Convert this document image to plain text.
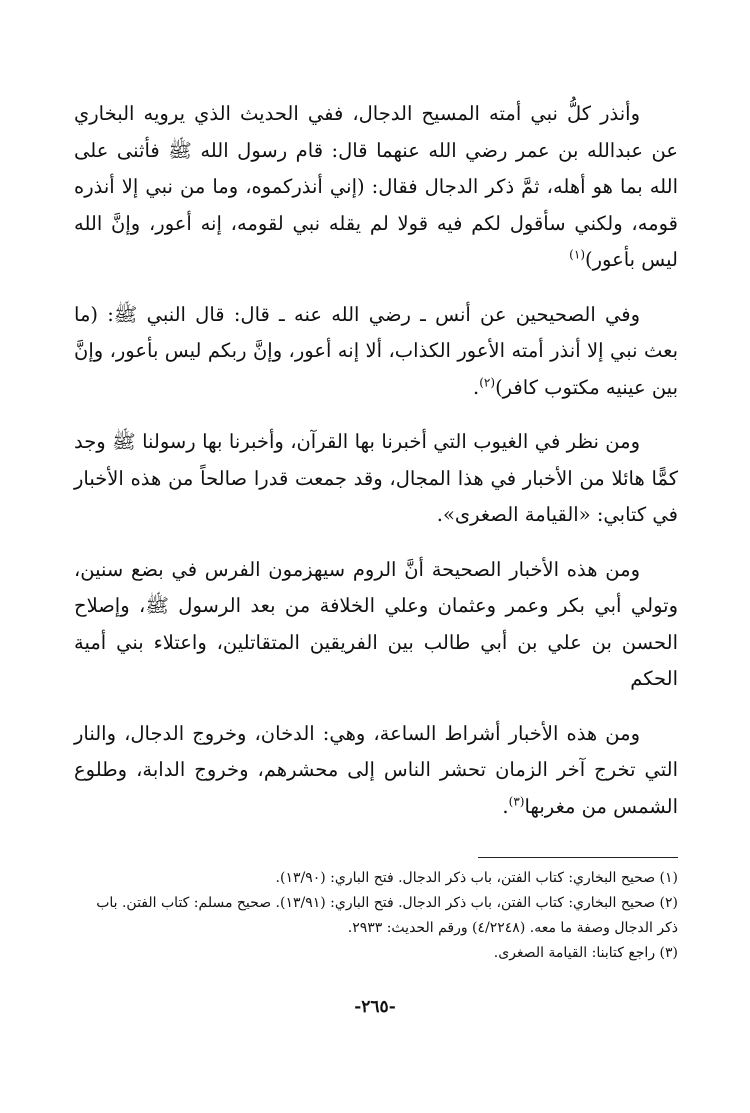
وأنذر كلُّ نبي أمته المسيح الدجال، ففي الحديث الذي يرويه البخاري عن عبدالله بن عمر رضي الله عنهما قال: قام رسول الله ﷺ فأثنى على الله بما هو أهله، ثمَّ ذكر الدجال فقال: (إني أنذركموه، وما من نبي إلا أنذره قومه، ولكني سأقول لكم فيه قولا لم يقله نبي لقومه، إنه أعور، وإنَّ الله ليس بأعور)$^{(١)}$

وفي الصحيحين عن أنس ـ رضي الله عنه ـ قال: قال النبي ﷺ: (ما بعث نبي إلا أنذر أمته الأعور الكذاب، ألا إنه أعور، وإنَّ ربكم ليس بأعور، وإنَّ بين عينيه مكتوب كافر)$^{(٢)}$.

ومن نظر في الغيوب التي أخبرنا بها القرآن، وأخبرنا بها رسولنا ﷺ وجد كمًّا هائلا من الأخبار في هذا المجال، وقد جمعت قدرا صالحاً من هذه الأخبار في كتابي: «القيامة الصغرى».

ومن هذه الأخبار الصحيحة أنَّ الروم سيهزمون الفرس في بضع سنين، وتولي أبي بكر وعمر وعثمان وعلي الخلافة من بعد الرسول ﷺ، وإصلاح الحسن بن علي بن أبي طالب بين الفريقين المتقاتلين، واعتلاء بني أمية الحكم

ومن هذه الأخبار أشراط الساعة، وهي: الدخان، وخروج الدجال، والنار التي تخرج آخر الزمان تحشر الناس إلى محشرهم، وخروج الدابة، وطلوع الشمس من مغربها$^{(٣)}$.

(١) صحيح البخاري: كتاب الفتن، باب ذكر الدجال. فتح الباري: (١٣/٩٠).

(٢) صحيح البخاري: كتاب الفتن، باب ذكر الدجال. فتح الباري: (١٣/٩١). صحيح مسلم: كتاب الفتن. باب ذكر الدجال وصفة ما معه. (٤/٢٢٤٨) ورقم الحديث: ٢٩٣٣.

(٣) راجع كتابنا: القيامة الصغرى.

-٢٦٥-
